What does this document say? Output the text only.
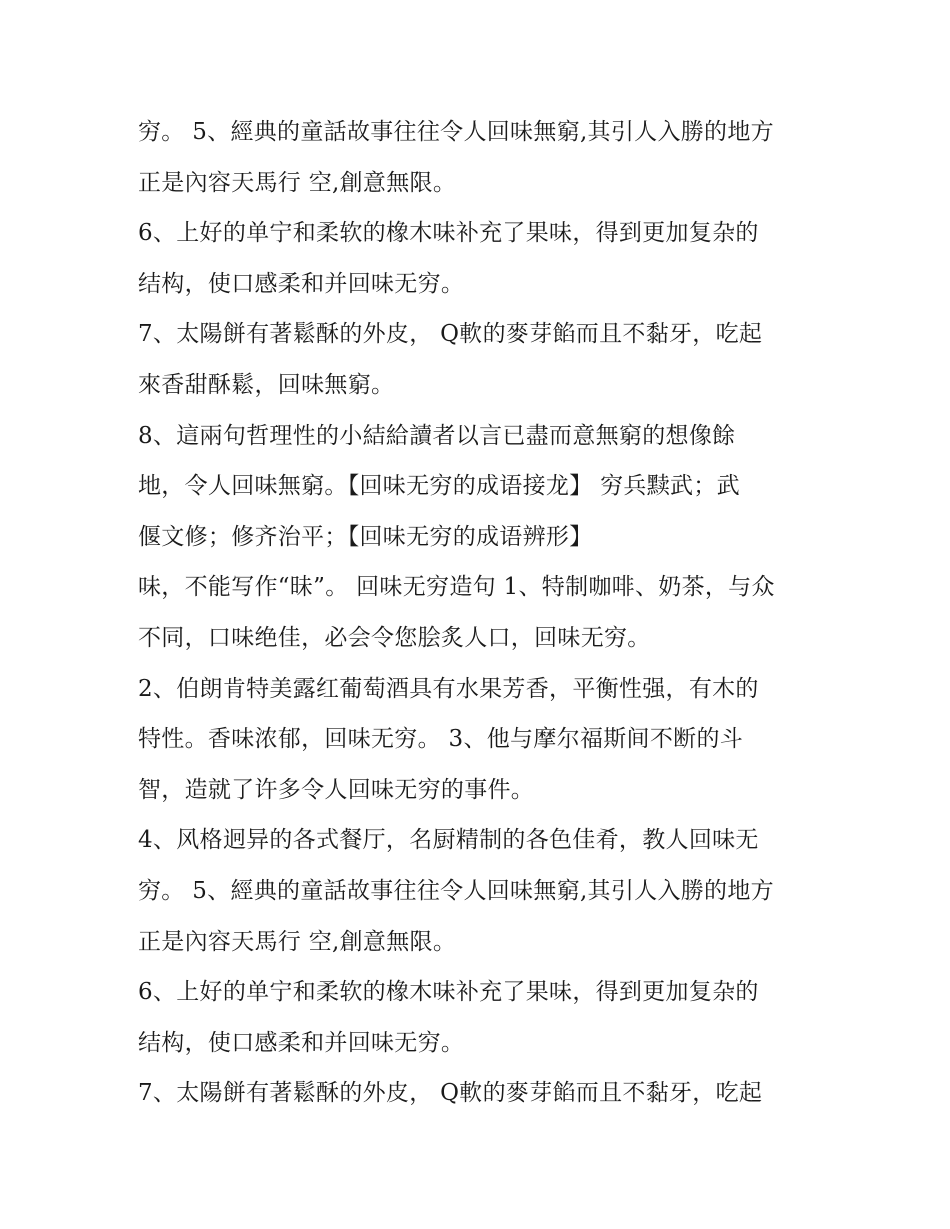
穷。 5、經典的童話故事往往令人回味無窮,其引人入勝的地方
正是內容天馬行 空,創意無限。
6、上好的单宁和柔软的橡木味补充了果味，得到更加复杂的
结构，使口感柔和并回味无穷。
7、太陽餅有著鬆酥的外皮， Q軟的麥芽餡而且不黏牙，吃起
來香甜酥鬆，回味無窮。
8、這兩句哲理性的小結給讀者以言已盡而意無窮的想像餘
地，令人回味無窮。【回味无穷的成语接龙】 穷兵黩武；武
偃文修；修齐治平；【回味无穷的成语辨形】
味，不能写作“昧”。 回味无穷造句 1、特制咖啡、奶茶，与众
不同，口味绝佳，必会令您脍炙人口，回味无穷。
2、伯朗肯特美露红葡萄酒具有水果芳香，平衡性强，有木的
特性。香味浓郁，回味无穷。 3、他与摩尔福斯间不断的斗
智，造就了许多令人回味无穷的事件。
4、风格迥异的各式餐厅，名厨精制的各色佳肴，教人回味无
穷。 5、經典的童話故事往往令人回味無窮,其引人入勝的地方
正是內容天馬行 空,創意無限。
6、上好的单宁和柔软的橡木味补充了果味，得到更加复杂的
结构，使口感柔和并回味无穷。
7、太陽餅有著鬆酥的外皮， Q軟的麥芽餡而且不黏牙，吃起
